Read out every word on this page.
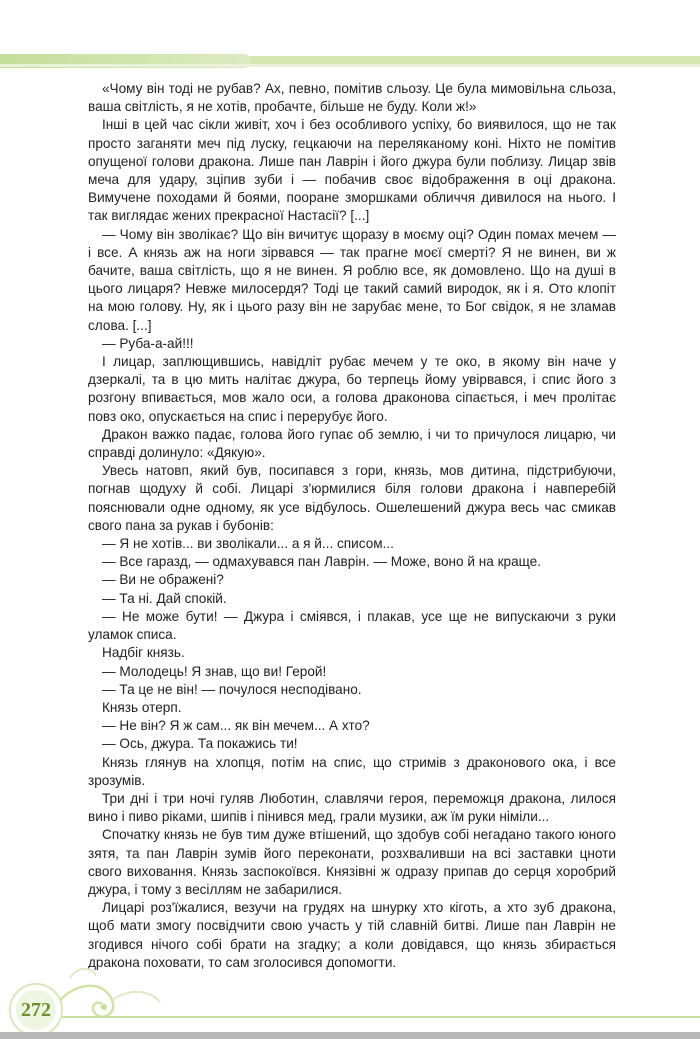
«Чому він тоді не рубав? Ах, певно, помітив сльозу. Це була мимовільна сльоза, ваша світлість, я не хотів, пробачте, більше не буду. Коли ж!»

Інші в цей час сікли живіт, хоч і без особливого успіху, бо виявилося, що не так просто заганяти меч під луску, гецкаючи на переляканому коні. Ніхто не помітив опущеної голови дракона. Лише пан Лаврін і його джура були поблизу. Лицар звів меча для удару, зціпив зуби і — побачив своє відображення в оці дракона. Вимучене походами й боями, пооране зморшками обличчя дивилося на нього. І так виглядає жених прекрасної Настасії? [...]

— Чому він зволікає? Що він вичитує щоразу в моєму оці? Один помах мечем — і все. А князь аж на ноги зірвався — так прагне моєї смерті? Я не винен, ви ж бачите, ваша світлість, що я не винен. Я роблю все, як домовлено. Що на душі в цього лицаря? Невже милосердя? Тоді це такий самий виродок, як і я. Ото клопіт на мою голову. Ну, як і цього разу він не зарубає мене, то Бог свідок, я не зламав слова. [...]

— Руба-а-ай!!!

І лицар, заплющившись, навідліт рубає мечем у те око, в якому він наче у дзеркалі, та в цю мить налітає джура, бо терпець йому увірвався, і спис його з розгону впивається, мов жало оси, а голова драконова сіпається, і меч пролітає повз око, опускається на спис і перерубує його.

Дракон важко падає, голова його гупає об землю, і чи то причулося лицарю, чи справді долинуло: «Дякую».

Увесь натовп, який був, посипався з гори, князь, мов дитина, підстрибуючи, погнав щодуху й собі. Лицарі з'юрмилися біля голови дракона і навперебій пояснювали одне одному, як усе відбулось. Ошелешений джура весь час смикав свого пана за рукав і бубонів:

— Я не хотів... ви зволікали... а я й... списом...

— Все гаразд, — одмахувався пан Лаврін. — Може, воно й на краще.

— Ви не ображені?

— Та ні. Дай спокій.

— Не може бути! — Джура і сміявся, і плакав, усе ще не випускаючи з руки уламок списа.

Надбіг князь.

— Молодець! Я знав, що ви! Герой!

— Та це не він! — почулося несподівано.

Князь отерп.

— Не він? Я ж сам... як він мечем... А хто?

— Ось, джура. Та покажись ти!

Князь глянув на хлопця, потім на спис, що стримів з драконового ока, і все зрозумів.

Три дні і три ночі гуляв Люботин, славлячи героя, переможця дракона, лилося вино і пиво ріками, шипів і пінився мед, грали музики, аж їм руки німіли...

Спочатку князь не був тим дуже втішений, що здобув собі негадано такого юного зятя, та пан Лаврін зумів його переконати, розхваливши на всі заставки цноти свого виховання. Князь заспокоївся. Князівні ж одразу припав до серця хоробрий джура, і тому з весіллям не забарилися.

Лицарі роз'їжалися, везучи на грудях на шнурку хто кіготь, а хто зуб дракона, щоб мати змогу посвідчити свою участь у тій славній битві. Лише пан Лаврін не згодився нічого собі брати на згадку; а коли довідався, що князь збирається дракона поховати, то сам зголосився допомогти.

272
